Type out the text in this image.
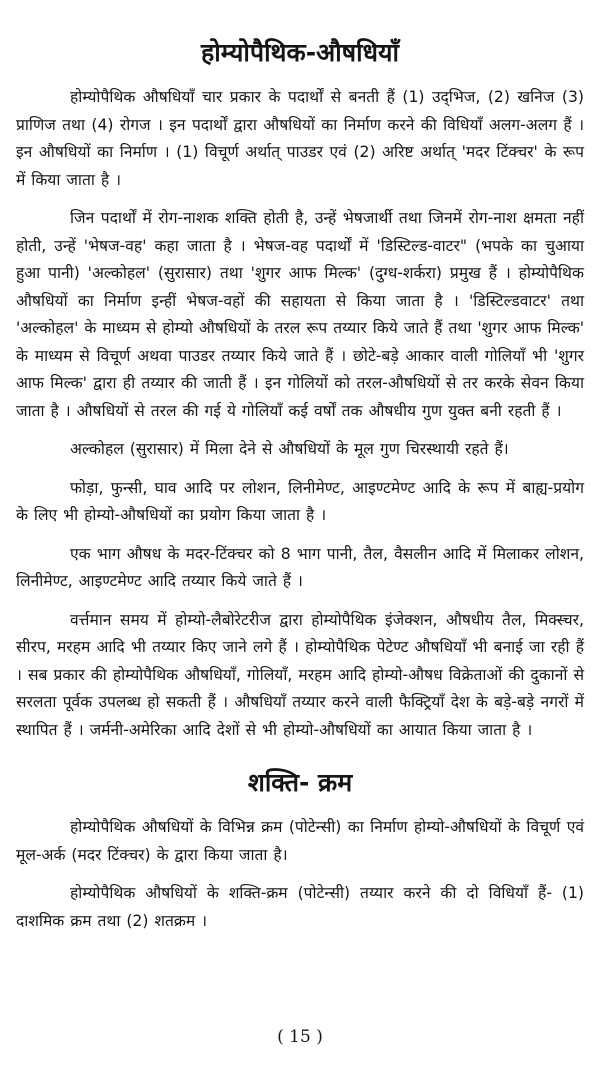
होम्योपैथिक-औषधियाँ

होम्योपैथिक औषधियाँ चार प्रकार के पदार्थों से बनती हैं (1) उद्‌भिज, (2) खनिज (3) प्राणिज तथा (4) रोगज । इन पदार्थों द्वारा औषधियों का निर्माण करने की विधियाँ अलग-अलग हैं । इन औषधियों का निर्माण । (1) विचूर्ण अर्थात् पाउडर एवं (2) अरिष्ट अर्थात् 'मदर टिंक्चर' के रूप में किया जाता है ।

जिन पदार्थों में रोग-नाशक शक्ति होती है, उन्हें भेषजार्थी तथा जिनमें रोग-नाश क्षमता नहीं होती, उन्हें 'भेषज-वह' कहा जाता है । भेषज-वह पदार्थों में 'डिस्टिल्ड-वाटर" (भपके का चुआया हुआ पानी) 'अल्कोहल' (सुरासार) तथा 'शुगर आफ मिल्क' (दुग्ध-शर्करा) प्रमुख हैं । होम्योपैथिक औषधियों का निर्माण इन्हीं भेषज-वहों की सहायता से किया जाता है । 'डिस्टिल्डवाटर' तथा 'अल्कोहल' के माध्यम से होम्यो औषधियों के तरल रूप तय्यार किये जाते हैं तथा 'शुगर आफ मिल्क' के माध्यम से विचूर्ण अथवा पाउडर तय्यार किये जाते हैं । छोटे-बड़े आकार वाली गोलियाँ भी 'शुगर आफ मिल्क' द्वारा ही तय्यार की जाती हैं । इन गोलियों को तरल-औषधियों से तर करके सेवन किया जाता है । औषधियों से तरल की गई ये गोलियाँ कई वर्षों तक औषधीय गुण युक्त बनी रहती हैं ।

अल्कोहल (सुरासार) में मिला देने से औषधियों के मूल गुण चिरस्थायी रहते हैं।

फोड़ा, फुन्सी, घाव आदि पर लोशन, लिनीमेण्ट, आइण्टमेण्ट आदि के रूप में बाह्य-प्रयोग के लिए भी होम्यो-औषधियों का प्रयोग किया जाता है ।

एक भाग औषध के मदर-टिंक्चर को 8 भाग पानी, तैल, वैसलीन आदि में मिलाकर लोशन, लिनीमेण्ट, आइण्टमेण्ट आदि तय्यार किये जाते हैं ।

वर्त्तमान समय में होम्यो-लैबोरेटरीज द्वारा होम्योपैथिक इंजेक्शन, औषधीय तैल, मिक्स्चर, सीरप, मरहम आदि भी तय्यार किए जाने लगे हैं । होम्योपैथिक पेटेण्ट औषधियाँ भी बनाई जा रही हैं । सब प्रकार की होम्योपैथिक औषधियाँ, गोलियाँ, मरहम आदि होम्यो-औषध विक्रेताओं की दुकानों से सरलता पूर्वक उपलब्ध हो सकती हैं । औषधियाँ तय्यार करने वाली फैक्ट्रियाँ देश के बड़े-बड़े नगरों में स्थापित हैं । जर्मनी-अमेरिका आदि देशों से भी होम्यो-औषधियों का आयात किया जाता है ।

शक्ति- क्रम

होम्योपैथिक औषधियों के विभिन्न क्रम (पोटेन्सी) का निर्माण होम्यो-औषधियों के विचूर्ण एवं मूल-अर्क (मदर टिंक्चर) के द्वारा किया जाता है।

होम्योपैथिक औषधियों के शक्ति-क्रम (पोटेन्सी) तय्यार करने की दो विधियाँ हैं- (1) दाशमिक क्रम तथा (2) शतक्रम ।

( 15 )
